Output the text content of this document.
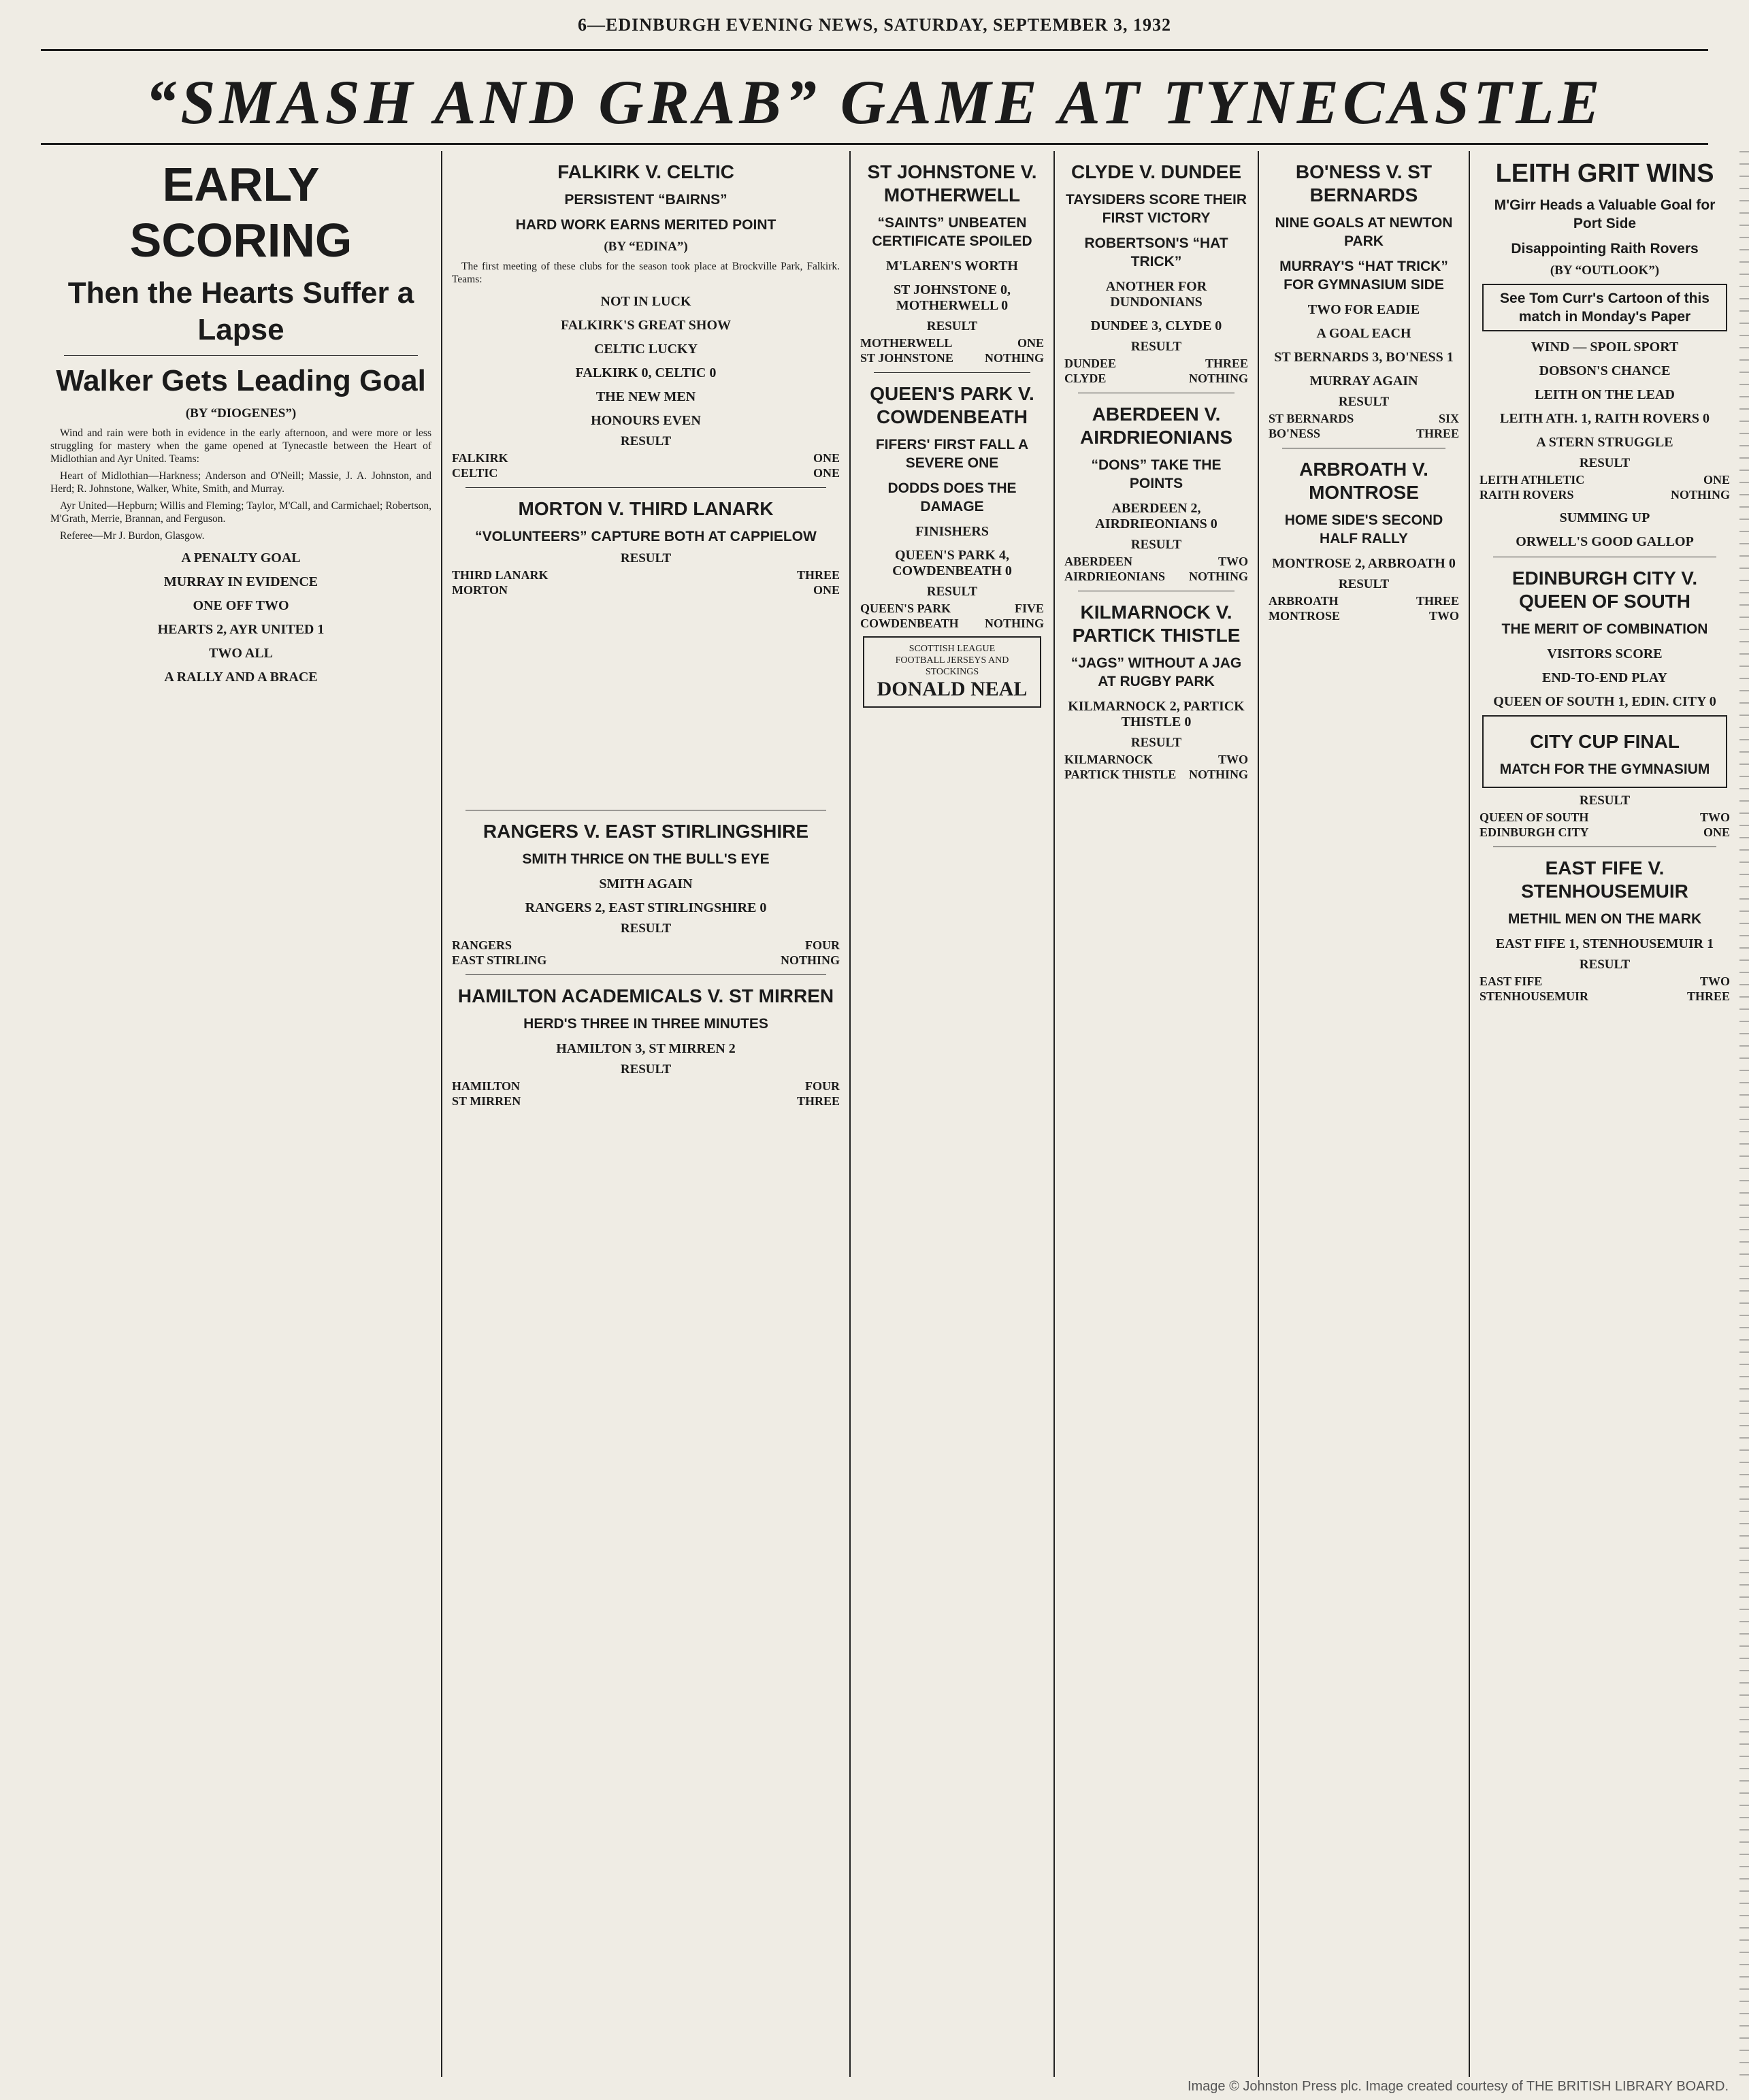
6—EDINBURGH EVENING NEWS, SATURDAY, SEPTEMBER 3, 1932
“SMASH AND GRAB” GAME AT TYNECASTLE
EARLY SCORING
Then the Hearts Suffer a Lapse
Walker Gets Leading Goal
(BY “DIOGENES”)

Wind and rain were both in evidence in the early afternoon, and were more or less struggling for mastery when the game opened at Tynecastle between the Heart of Midlothian and Ayr United. Teams:

Heart of Midlothian—Harkness; Anderson and O'Neill; Massie, J. A. Johnston, and Herd; R. Johnstone, Walker, White, Smith, and Murray.

Ayr United—Hepburn; Willis and Fleming; Taylor, M'Call, and Carmichael; Robertson, M'Grath, Merrie, Brannan, and Ferguson.

Referee—Mr J. Burdon, Glasgow.

A PENALTY GOAL
MURRAY IN EVIDENCE
ONE OFF TWO
HEARTS 2, AYR UNITED 1
TWO ALL
A RALLY AND A BRACE
FALKIRK V. CELTIC
PERSISTENT “BAIRNS”
HARD WORK EARNS MERITED POINT
(BY “EDINA”)

The first meeting of these clubs for the season took place at Brockville Park, Falkirk. Teams:

NOT IN LUCK
FALKIRK'S GREAT SHOW
CELTIC LUCKY
FALKIRK 0, CELTIC 0
THE NEW MEN
HONOURS EVEN
RESULT
FALKIRK	ONE
CELTIC	ONE
MORTON V. THIRD LANARK
“VOLUNTEERS” CAPTURE BOTH AT CAPPIELOW
RESULT
THIRD LANARK	THREE
MORTON	ONE
ST JOHNSTONE V. MOTHERWELL
“SAINTS” UNBEATEN CERTIFICATE SPOILED
M'LAREN'S WORTH
ST JOHNSTONE 0, MOTHERWELL 0
RESULT
MOTHERWELL	ONE
ST JOHNSTONE	NOTHING
QUEEN'S PARK V. COWDENBEATH
FIFERS' FIRST FALL A SEVERE ONE
DODDS DOES THE DAMAGE
FINISHERS
QUEEN'S PARK 4, COWDENBEATH 0
RESULT
QUEEN'S PARK	FIVE
COWDENBEATH NOTHING
SCOTTISH LEAGUE
FOOTBALL JERSEYS AND STOCKINGS
DONALD NEAL
CLYDE V. DUNDEE
TAYSIDERS SCORE THEIR FIRST VICTORY
ROBERTSON'S “HAT TRICK”
ANOTHER FOR DUNDONIANS
DUNDEE 3, CLYDE 0
RESULT
DUNDEE	THREE
CLYDE	NOTHING
ABERDEEN V. AIRDRIEONIANS
“DONS” TAKE THE POINTS
ABERDEEN 2, AIRDRIEONIANS 0
RESULT
ABERDEEN	TWO
AIRDRIEONIANS NOTHING
KILMARNOCK V. PARTICK THISTLE
“JAGS” WITHOUT A JAG AT RUGBY PARK
KILMARNOCK 2, PARTICK THISTLE 0
RESULT
KILMARNOCK	TWO
PARTICK THISTLE NOTHING
BO'NESS V. ST BERNARDS
NINE GOALS AT NEWTON PARK
MURRAY'S “HAT TRICK” FOR GYMNASIUM SIDE
TWO FOR EADIE
A GOAL EACH
ST BERNARDS 3, BO'NESS 1
MURRAY AGAIN
RESULT
ST BERNARDS	SIX
BO'NESS	THREE
ARBROATH V. MONTROSE
HOME SIDE'S SECOND HALF RALLY
MONTROSE 2, ARBROATH 0
RESULT
ARBROATH	THREE
MONTROSE	TWO
LEITH GRIT WINS
M'Girr Heads a Valuable Goal for Port Side
Disappointing Raith Rovers
(BY “OUTLOOK”)
See Tom Curr's Cartoon of this match in Monday's Paper
WIND — SPOIL SPORT
DOBSON'S CHANCE
LEITH ON THE LEAD
LEITH ATH. 1, RAITH ROVERS 0
A STERN STRUGGLE
RESULT
LEITH ATHLETIC	ONE
RAITH ROVERS	NOTHING
SUMMING UP
ORWELL'S GOOD GALLOP
EDINBURGH CITY V. QUEEN OF SOUTH
THE MERIT OF COMBINATION
VISITORS SCORE
END-TO-END PLAY
QUEEN OF SOUTH 1, EDIN. CITY 0
CITY CUP FINAL
MATCH FOR THE GYMNASIUM
RESULT
QUEEN OF SOUTH	TWO
EDINBURGH CITY	ONE
EAST FIFE V. STENHOUSEMUIR
METHIL MEN ON THE MARK
EAST FIFE 1, STENHOUSEMUIR 1
RESULT
EAST FIFE	TWO
STENHOUSEMUIR	THREE
Image © Johnston Press plc. Image created courtesy of THE BRITISH LIBRARY BOARD.
RANGERS V. EAST STIRLINGSHIRE
SMITH THRICE ON THE BULL'S EYE
SMITH AGAIN
RANGERS 2, EAST STIRLINGSHIRE 0
RESULT
RANGERS	FOUR
EAST STIRLING	NOTHING
HAMILTON ACADEMICALS V. ST MIRREN
HERD'S THREE IN THREE MINUTES
HAMILTON 3, ST MIRREN 2
RESULT
HAMILTON	FOUR
ST MIRREN	THREE
